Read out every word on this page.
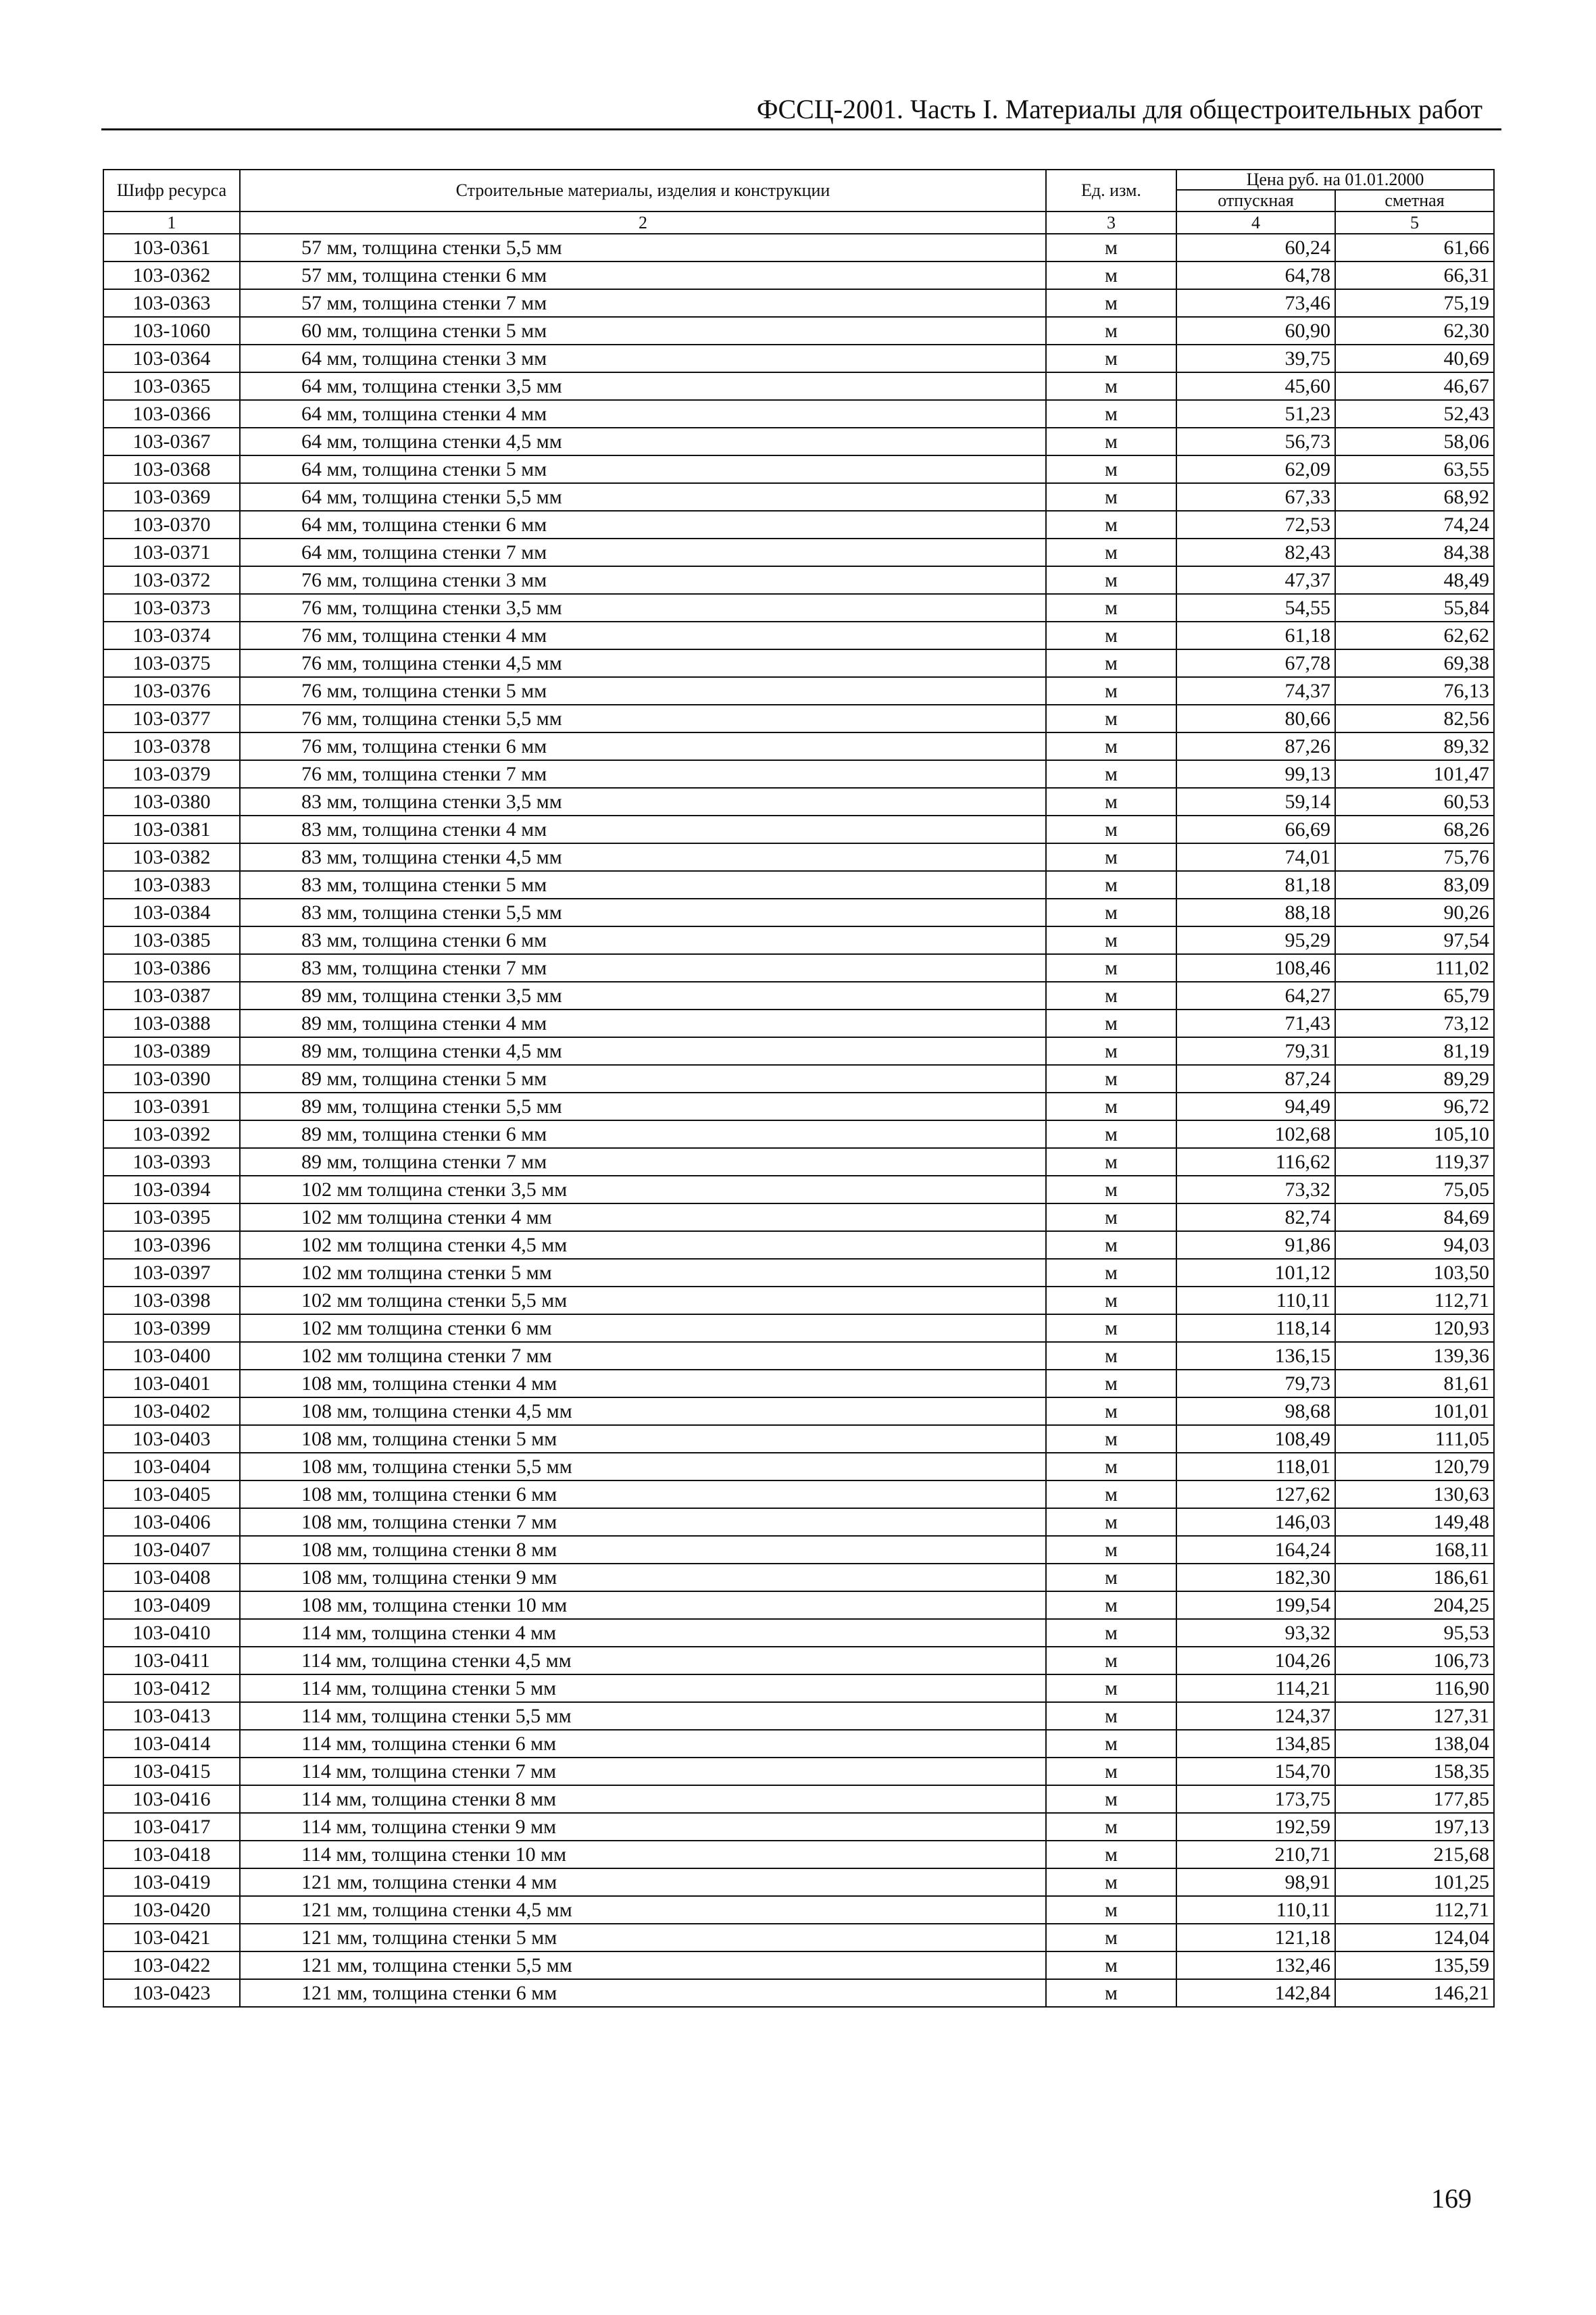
ФССЦ-2001. Часть I. Материалы для общестроительных работ
Шифр ресурса	Строительные материалы, изделия и конструкции	Ед. изм.	Цена руб. на 01.01.2000	
			отпускная	сметная
1	2	3	4	5
103-0361	57 мм, толщина стенки 5,5 мм	м	60,24	61,66
103-0362	57 мм, толщина стенки 6 мм	м	64,78	66,31
103-0363	57 мм, толщина стенки 7 мм	м	73,46	75,19
103-1060	60 мм, толщина стенки 5 мм	м	60,90	62,30
103-0364	64 мм, толщина стенки 3 мм	м	39,75	40,69
103-0365	64 мм, толщина стенки 3,5 мм	м	45,60	46,67
103-0366	64 мм, толщина стенки 4 мм	м	51,23	52,43
103-0367	64 мм, толщина стенки 4,5 мм	м	56,73	58,06
103-0368	64 мм, толщина стенки 5 мм	м	62,09	63,55
103-0369	64 мм, толщина стенки 5,5 мм	м	67,33	68,92
103-0370	64 мм, толщина стенки 6 мм	м	72,53	74,24
103-0371	64 мм, толщина стенки 7 мм	м	82,43	84,38
103-0372	76 мм, толщина стенки 3 мм	м	47,37	48,49
103-0373	76 мм, толщина стенки 3,5 мм	м	54,55	55,84
103-0374	76 мм, толщина стенки 4 мм	м	61,18	62,62
103-0375	76 мм, толщина стенки 4,5 мм	м	67,78	69,38
103-0376	76 мм, толщина стенки 5 мм	м	74,37	76,13
103-0377	76 мм, толщина стенки 5,5 мм	м	80,66	82,56
103-0378	76 мм, толщина стенки 6 мм	м	87,26	89,32
103-0379	76 мм, толщина стенки 7 мм	м	99,13	101,47
103-0380	83 мм, толщина стенки 3,5 мм	м	59,14	60,53
103-0381	83 мм, толщина стенки 4 мм	м	66,69	68,26
103-0382	83 мм, толщина стенки 4,5 мм	м	74,01	75,76
103-0383	83 мм, толщина стенки 5 мм	м	81,18	83,09
103-0384	83 мм, толщина стенки 5,5 мм	м	88,18	90,26
103-0385	83 мм, толщина стенки 6 мм	м	95,29	97,54
103-0386	83 мм, толщина стенки 7 мм	м	108,46	111,02
103-0387	89 мм, толщина стенки 3,5 мм	м	64,27	65,79
103-0388	89 мм, толщина стенки 4 мм	м	71,43	73,12
103-0389	89 мм, толщина стенки 4,5 мм	м	79,31	81,19
103-0390	89 мм, толщина стенки 5 мм	м	87,24	89,29
103-0391	89 мм, толщина стенки 5,5 мм	м	94,49	96,72
103-0392	89 мм, толщина стенки 6 мм	м	102,68	105,10
103-0393	89 мм, толщина стенки 7 мм	м	116,62	119,37
103-0394	102 мм толщина стенки 3,5 мм	м	73,32	75,05
103-0395	102 мм толщина стенки 4 мм	м	82,74	84,69
103-0396	102 мм толщина стенки 4,5 мм	м	91,86	94,03
103-0397	102 мм толщина стенки 5 мм	м	101,12	103,50
103-0398	102 мм толщина стенки 5,5 мм	м	110,11	112,71
103-0399	102 мм толщина стенки 6 мм	м	118,14	120,93
103-0400	102 мм толщина стенки 7 мм	м	136,15	139,36
103-0401	108 мм, толщина стенки 4 мм	м	79,73	81,61
103-0402	108 мм, толщина стенки 4,5 мм	м	98,68	101,01
103-0403	108 мм, толщина стенки 5 мм	м	108,49	111,05
103-0404	108 мм, толщина стенки 5,5 мм	м	118,01	120,79
103-0405	108 мм, толщина стенки 6 мм	м	127,62	130,63
103-0406	108 мм, толщина стенки 7 мм	м	146,03	149,48
103-0407	108 мм, толщина стенки 8 мм	м	164,24	168,11
103-0408	108 мм, толщина стенки 9 мм	м	182,30	186,61
103-0409	108 мм, толщина стенки 10 мм	м	199,54	204,25
103-0410	114 мм, толщина стенки 4 мм	м	93,32	95,53
103-0411	114 мм, толщина стенки 4,5 мм	м	104,26	106,73
103-0412	114 мм, толщина стенки 5 мм	м	114,21	116,90
103-0413	114 мм, толщина стенки 5,5 мм	м	124,37	127,31
103-0414	114 мм, толщина стенки 6 мм	м	134,85	138,04
103-0415	114 мм, толщина стенки 7 мм	м	154,70	158,35
103-0416	114 мм, толщина стенки 8 мм	м	173,75	177,85
103-0417	114 мм, толщина стенки 9 мм	м	192,59	197,13
103-0418	114 мм, толщина стенки 10 мм	м	210,71	215,68
103-0419	121 мм, толщина стенки 4 мм	м	98,91	101,25
103-0420	121 мм, толщина стенки 4,5 мм	м	110,11	112,71
103-0421	121 мм, толщина стенки 5 мм	м	121,18	124,04
103-0422	121 мм, толщина стенки 5,5 мм	м	132,46	135,59
103-0423	121 мм, толщина стенки 6 мм	м	142,84	146,21
169
